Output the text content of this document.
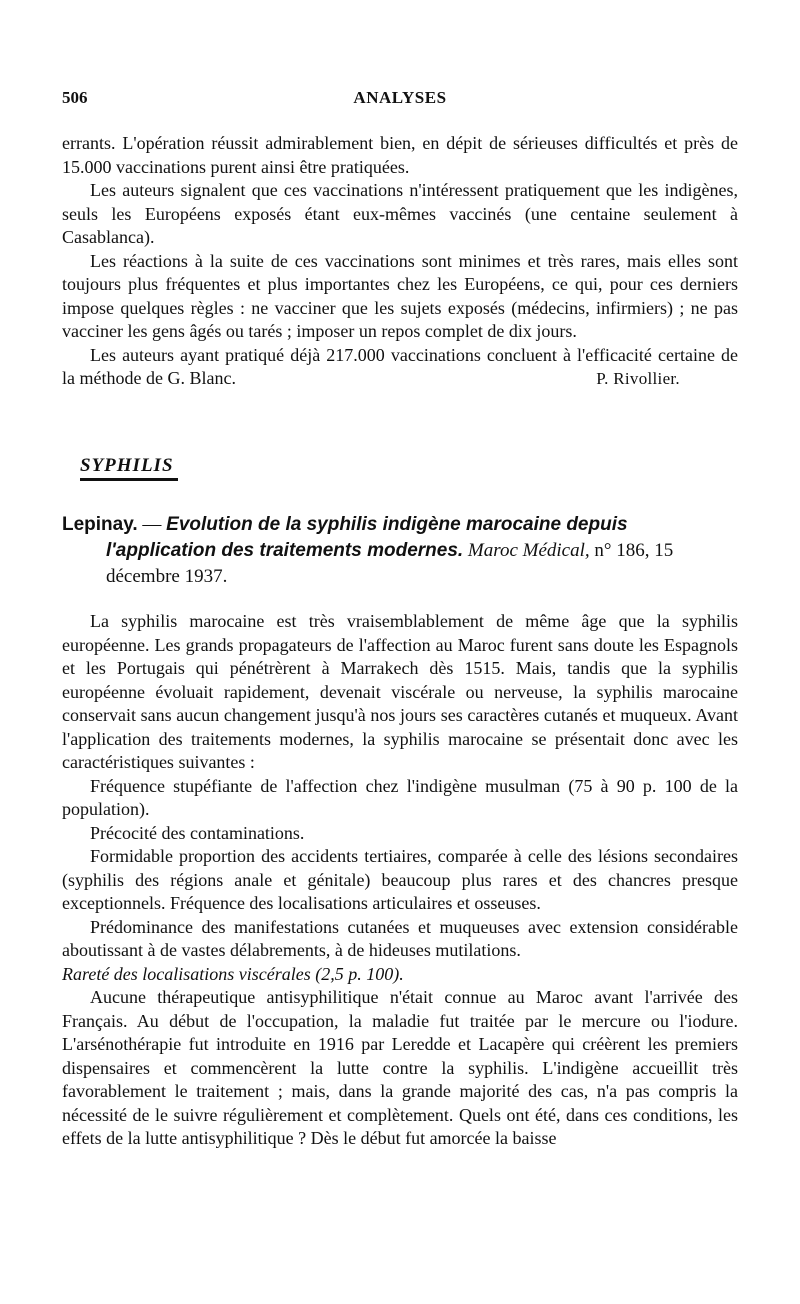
506	ANALYSES

errants. L'opération réussit admirablement bien, en dépit de sérieuses difficultés et près de 15.000 vaccinations purent ainsi être pratiquées.

Les auteurs signalent que ces vaccinations n'intéressent pratiquement que les indigènes, seuls les Européens exposés étant eux-mêmes vaccinés (une centaine seulement à Casablanca).

Les réactions à la suite de ces vaccinations sont minimes et très rares, mais elles sont toujours plus fréquentes et plus importantes chez les Européens, ce qui, pour ces derniers impose quelques règles : ne vacciner que les sujets exposés (médecins, infirmiers) ; ne pas vacciner les gens âgés ou tarés ; imposer un repos complet de dix jours.

Les auteurs ayant pratiqué déjà 217.000 vaccinations concluent à l'efficacité certaine de la méthode de G. Blanc.	P. Rivollier.

SYPHILIS

Lepinay. — Evolution de la syphilis indigène marocaine depuis l'application des traitements modernes. Maroc Médical, n° 186, 15 décembre 1937.

La syphilis marocaine est très vraisemblablement de même âge que la syphilis européenne. Les grands propagateurs de l'affection au Maroc furent sans doute les Espagnols et les Portugais qui pénétrèrent à Marrakech dès 1515. Mais, tandis que la syphilis européenne évoluait rapidement, devenait viscérale ou nerveuse, la syphilis marocaine conservait sans aucun changement jusqu'à nos jours ses caractères cutanés et muqueux. Avant l'application des traitements modernes, la syphilis marocaine se présentait donc avec les caractéristiques suivantes :

Fréquence stupéfiante de l'affection chez l'indigène musulman (75 à 90 p. 100 de la population).

Précocité des contaminations.

Formidable proportion des accidents tertiaires, comparée à celle des lésions secondaires (syphilis des régions anale et génitale) beaucoup plus rares et des chancres presque exceptionnels. Fréquence des localisations articulaires et osseuses.

Prédominance des manifestations cutanées et muqueuses avec extension considérable aboutissant à de vastes délabrements, à de hideuses mutilations.

Rareté des localisations viscérales (2,5 p. 100).

Aucune thérapeutique antisyphilitique n'était connue au Maroc avant l'arrivée des Français. Au début de l'occupation, la maladie fut traitée par le mercure ou l'iodure. L'arsénothérapie fut introduite en 1916 par Leredde et Lacapère qui créèrent les premiers dispensaires et commencèrent la lutte contre la syphilis. L'indigène accueillit très favorablement le traitement ; mais, dans la grande majorité des cas, n'a pas compris la nécessité de le suivre régulièrement et complètement. Quels ont été, dans ces conditions, les effets de la lutte antisyphilitique ? Dès le début fut amorcée la baisse
